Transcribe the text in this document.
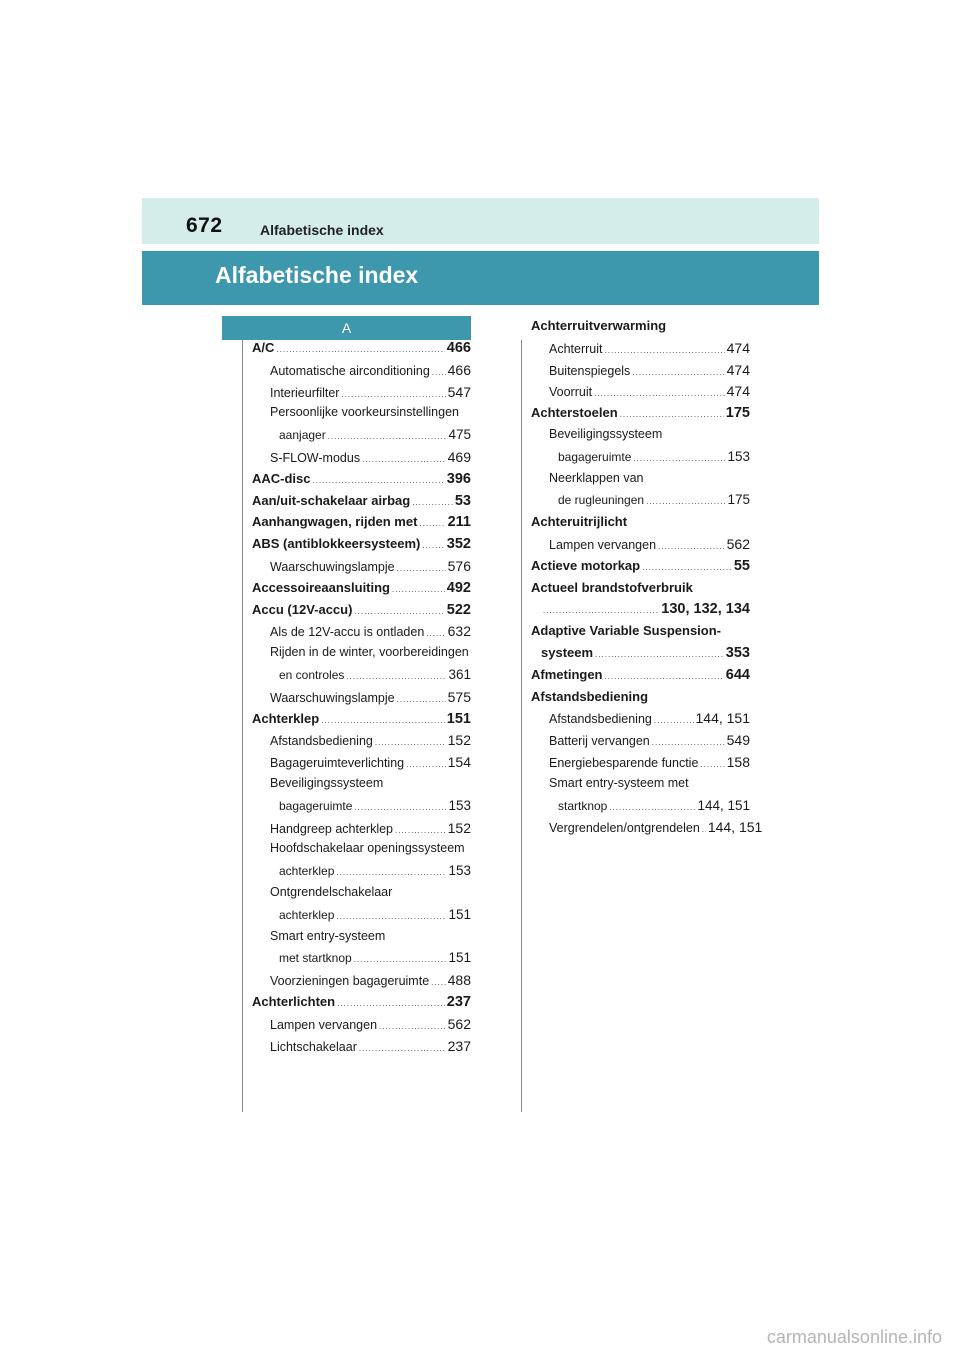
672	Alfabetische index
Alfabetische index
A
A/C .....	466
Automatische airconditioning ..... 466
Interieurfilter .....	547
Persoonlijke voorkeursinstellingen
aanjager .....	475
S-FLOW-modus .....	469
AAC-disc .....	396
Aan/uit-schakelaar airbag .....	53
Aanhangwagen, rijden met ..... 211
ABS (antiblokkeersysteem) ..... 352
Waarschuwingslampje .....	576
Accessoireaansluiting .....	492
Accu (12V-accu) .....	522
Als de 12V-accu is ontladen ..... 632
Rijden in de winter, voorbereidingen
en controles .....	361
Waarschuwingslampje .....	575
Achterklep .....	151
Afstandsbediening .....	152
Bagageruimteverlichting .....	154
Beveiligingssysteem
bagageruimte .....	153
Handgreep achterklep .....	152
Hoofdschakelaar openingssysteem
achterklep .....	153
Ontgrendelschakelaar
achterklep .....	151
Smart entry-systeem
met startknop .....	151
Voorzieningen bagageruimte ..... 488
Achterlichten .....	237
Lampen vervangen .....	562
Lichtschakelaar .....	237
Achterruitverwarming
Achterruit .....	474
Buitenspiegels .....	474
Voorruit .....	474
Achterstoelen .....	175
Beveiligingssysteem
bagageruimte .....	153
Neerklappen van
de rugleuningen .....	175
Achteruitrijlicht
Lampen vervangen .....	562
Actieve motorkap .....	55
Actueel brandstofverbruik
.....
130, 132, 134
Adaptive Variable Suspension-
systeem .....	353
Afmetingen .....	644
Afstandsbediening
Afstandsbediening .....	144, 151
Batterij vervangen .....	549
Energiebesparende functie ..... 158
Smart entry-systeem met
startknop .....	144, 151
Vergrendelen/ontgrendelen ..... 144, 151
carmanualsonline.info
